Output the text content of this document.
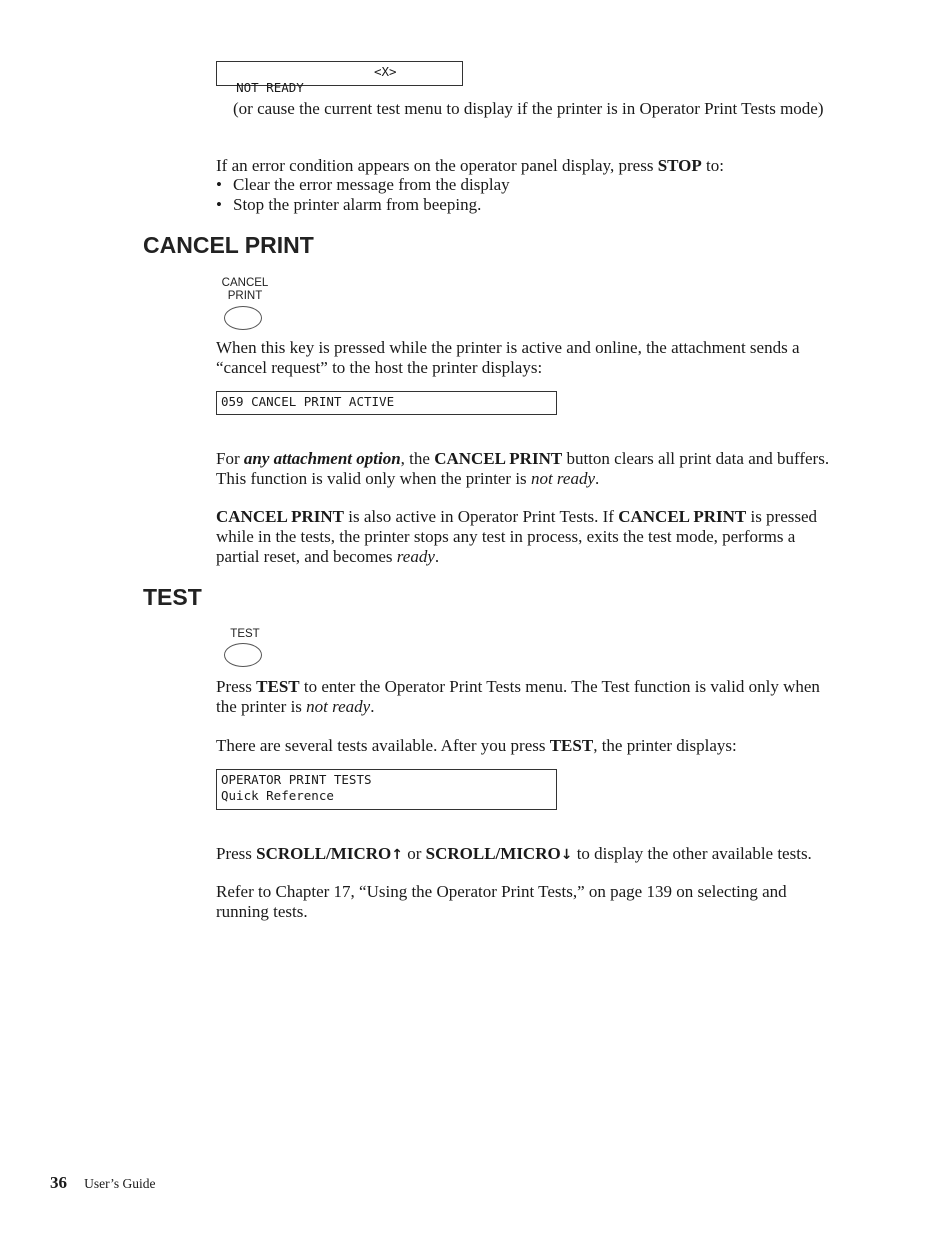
NOT READY
<X>

(or cause the current test menu to display if the printer is in Operator Print Tests mode)
If an error condition appears on the operator panel display, press STOP to:
• Clear the error message from the display
• Stop the printer alarm from beeping.
CANCEL PRINT
CANCEL
PRINT
When this key is pressed while the printer is active and online, the attachment sends a “cancel request” to the host the printer displays:
059 CANCEL PRINT ACTIVE
For any attachment option, the CANCEL PRINT button clears all print data and buffers. This function is valid only when the printer is not ready.
CANCEL PRINT is also active in Operator Print Tests. If CANCEL PRINT is pressed while in the tests, the printer stops any test in process, exits the test mode, performs a partial reset, and becomes ready.
TEST
TEST
Press TEST to enter the Operator Print Tests menu. The Test function is valid only when the printer is not ready.
There are several tests available. After you press TEST, the printer displays:
OPERATOR PRINT TESTS
Quick Reference
Press SCROLL/MICRO↑ or SCROLL/MICRO↓ to display the other available tests.
Refer to Chapter 17, “Using the Operator Print Tests,” on page 139 on selecting and running tests.
36 User’s Guide
